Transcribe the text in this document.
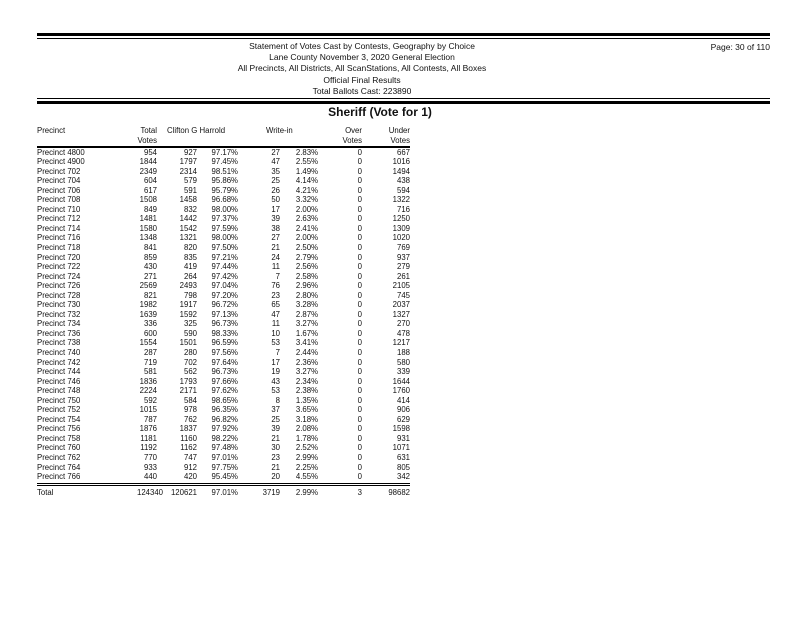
Statement of Votes Cast by Contests, Geography by Choice
Lane County November 3, 2020 General Election
All Precincts, All Districts, All ScanStations, All Contests, All Boxes
Official Final Results
Total Ballots Cast: 223890
Page: 30 of 110
Sheriff (Vote for 1)
Precinct	Total	Clifton G Harrold	Write-in	Over	Under
Votes	Votes	Votes
Precinct 4800	954	927	97.17%	27	2.83%	0	667
Precinct 4900	1844	1797	97.45%	47	2.55%	0	1016
Precinct 702	2349	2314	98.51%	35	1.49%	0	1494
Precinct 704	604	579	95.86%	25	4.14%	0	438
Precinct 706	617	591	95.79%	26	4.21%	0	594
Precinct 708	1508	1458	96.68%	50	3.32%	0	1322
Precinct 710	849	832	98.00%	17	2.00%	0	716
Precinct 712	1481	1442	97.37%	39	2.63%	0	1250
Precinct 714	1580	1542	97.59%	38	2.41%	0	1309
Precinct 716	1348	1321	98.00%	27	2.00%	0	1020
Precinct 718	841	820	97.50%	21	2.50%	0	769
Precinct 720	859	835	97.21%	24	2.79%	0	937
Precinct 722	430	419	97.44%	11	2.56%	0	279
Precinct 724	271	264	97.42%	7	2.58%	0	261
Precinct 726	2569	2493	97.04%	76	2.96%	0	2105
Precinct 728	821	798	97.20%	23	2.80%	0	745
Precinct 730	1982	1917	96.72%	65	3.28%	0	2037
Precinct 732	1639	1592	97.13%	47	2.87%	0	1327
Precinct 734	336	325	96.73%	11	3.27%	0	270
Precinct 736	600	590	98.33%	10	1.67%	0	478
Precinct 738	1554	1501	96.59%	53	3.41%	0	1217
Precinct 740	287	280	97.56%	7	2.44%	0	188
Precinct 742	719	702	97.64%	17	2.36%	0	580
Precinct 744	581	562	96.73%	19	3.27%	0	339
Precinct 746	1836	1793	97.66%	43	2.34%	0	1644
Precinct 748	2224	2171	97.62%	53	2.38%	0	1760
Precinct 750	592	584	98.65%	8	1.35%	0	414
Precinct 752	1015	978	96.35%	37	3.65%	0	906
Precinct 754	787	762	96.82%	25	3.18%	0	629
Precinct 756	1876	1837	97.92%	39	2.08%	0	1598
Precinct 758	1181	1160	98.22%	21	1.78%	0	931
Precinct 760	1192	1162	97.48%	30	2.52%	0	1071
Precinct 762	770	747	97.01%	23	2.99%	0	631
Precinct 764	933	912	97.75%	21	2.25%	0	805
Precinct 766	440	420	95.45%	20	4.55%	0	342
Total	124340	120621	97.01%	3719	2.99%	3	98682
